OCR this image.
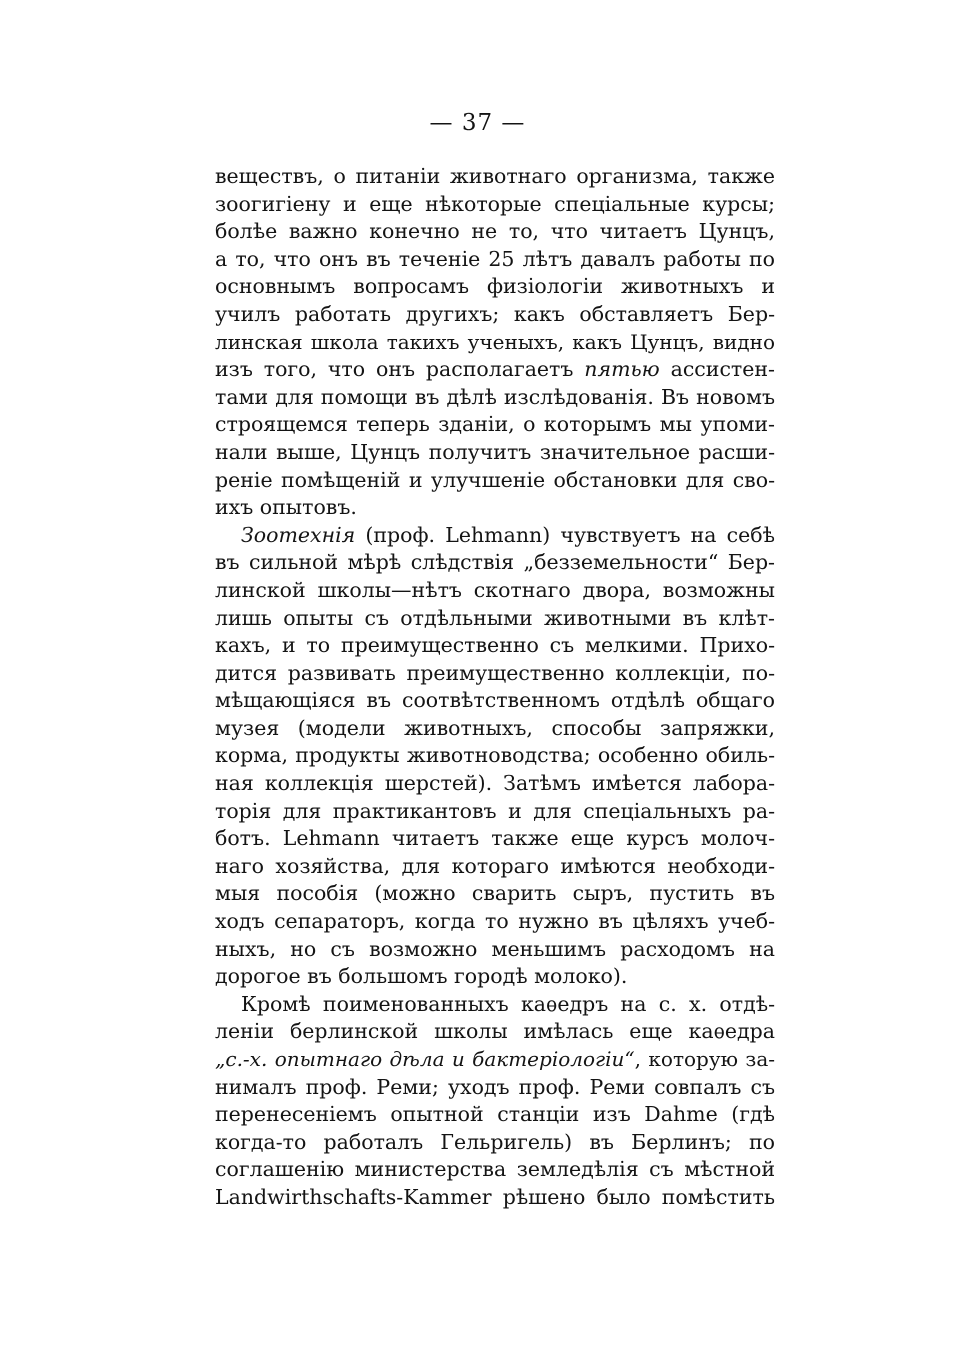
— 37 —
веществъ, о питаніи животнаго организма, также
зоогигіену и еще нѣкоторые спеціальные курсы;
болѣе важно конечно не то, что читаетъ Цунцъ,
а то, что онъ въ теченіе 25 лѣтъ давалъ работы по
основнымъ вопросамъ физіологіи животныхъ и
училъ работать другихъ; какъ обставляетъ Бер-
линская школа такихъ ученыхъ, какъ Цунцъ, видно
изъ того, что онъ располагаетъ пятью ассистен-
тами для помощи въ дѣлѣ изслѣдованія. Въ новомъ
строящемся теперь зданіи, о которымъ мы упоми-
нали выше, Цунцъ получитъ значительное расши-
реніе помѣщеній и улучшеніе обстановки для сво-
ихъ опытовъ.
Зоотехнія (проф. Lehmann) чувствуетъ на себѣ
въ сильной мѣрѣ слѣдствія „безземельности“ Бер-
линской школы—нѣтъ скотнаго двора, возможны
лишь опыты съ отдѣльными животными въ клѣт-
кахъ, и то преимущественно съ мелкими. Прихо-
дится развивать преимущественно коллекціи, по-
мѣщающіяся въ соотвѣтственномъ отдѣлѣ общаго
музея (модели животныхъ, способы запряжки,
корма, продукты животноводства; особенно обиль-
ная коллекція шерстей). Затѣмъ имѣется лабора-
торія для практикантовъ и для спеціальныхъ ра-
ботъ. Lehmann читаетъ также еще курсъ молоч-
наго хозяйства, для котораго имѣются необходи-
мыя пособія (можно сварить сыръ, пустить въ
ходъ сепараторъ, когда то нужно въ цѣляхъ учеб-
ныхъ, но съ возможно меньшимъ расходомъ на
дорогое въ большомъ городѣ молоко).
Кромѣ поименованныхъ каѳедръ на с. х. отдѣ-
леніи берлинской школы имѣлась еще каѳедра
„с.-х. опытнаго дѣла и бактеріологіи“, которую за-
нималъ проф. Реми; уходъ проф. Реми совпалъ съ
перенесеніемъ опытной станціи изъ Dahme (гдѣ
когда-то работалъ Гельригель) въ Берлинъ; по
соглашенію министерства земледѣлія съ мѣстной
Landwirthschafts-Kammer рѣшено было помѣстить
